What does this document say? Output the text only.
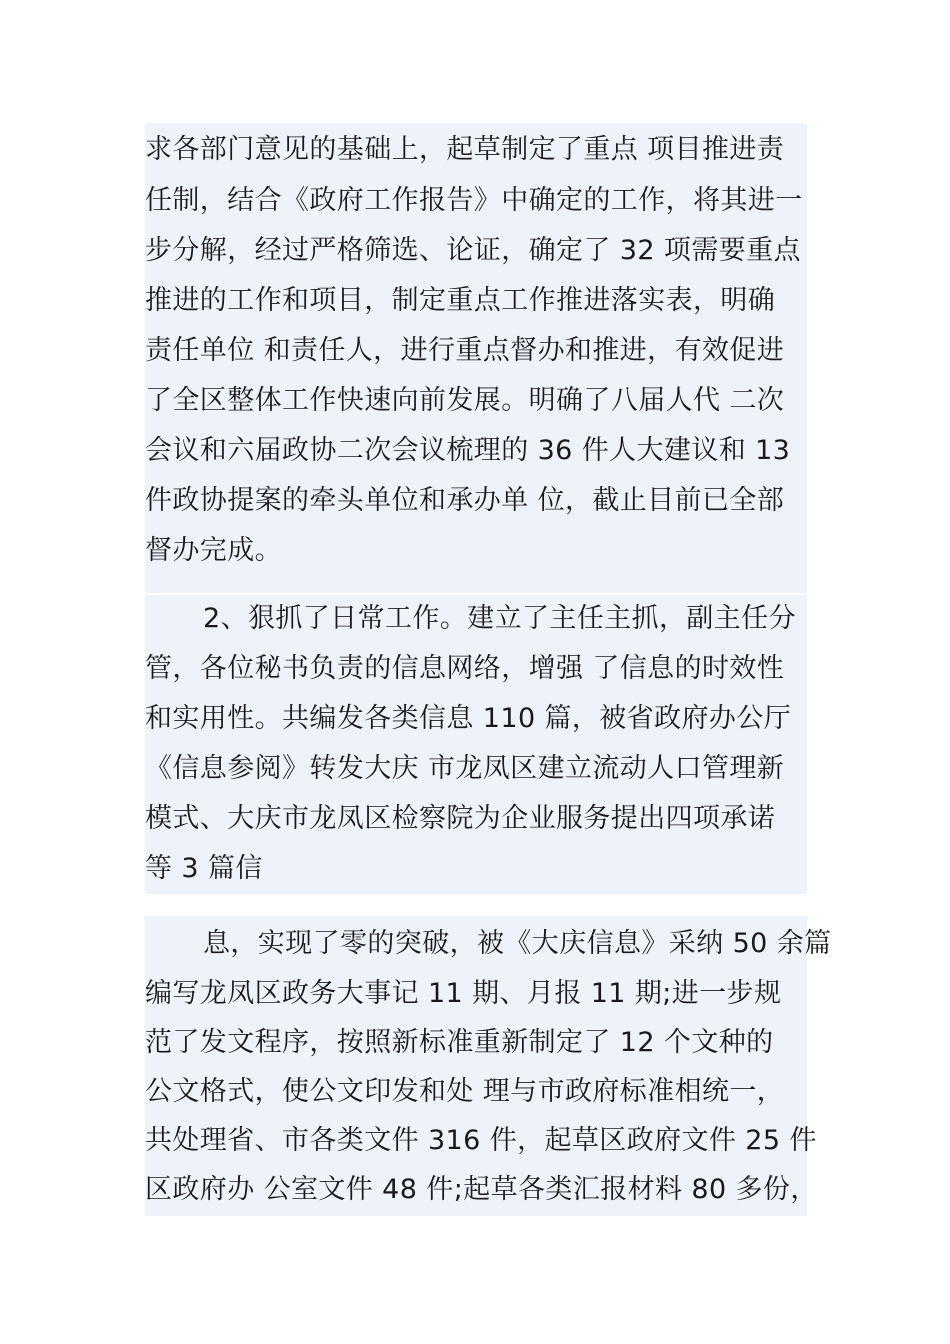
求各部门意见的基础上，起草制定了重点 项目推进责
任制，结合《政府工作报告》中确定的工作，将其进一
步分解，经过严格筛选、论证，确定了 32 项需要重点
推进的工作和项目，制定重点工作推进落实表，明确
责任单位 和责任人，进行重点督办和推进，有效促进
了全区整体工作快速向前发展。明确了八届人代 二次
会议和六届政协二次会议梳理的 36 件人大建议和 13
件政协提案的牵头单位和承办单 位，截止目前已全部
督办完成。
2、狠抓了日常工作。建立了主任主抓，副主任分
管，各位秘书负责的信息网络，增强 了信息的时效性
和实用性。共编发各类信息 110 篇，被省政府办公厅
《信息参阅》转发大庆 市龙凤区建立流动人口管理新
模式、大庆市龙凤区检察院为企业服务提出四项承诺
等 3 篇信
息，实现了零的突破，被《大庆信息》采纳 50 余篇
编写龙凤区政务大事记 11 期、月报 11 期;进一步规
范了发文程序，按照新标准重新制定了 12 个文种的
公文格式，使公文印发和处 理与市政府标准相统一，
共处理省、市各类文件 316 件，起草区政府文件 25 件
区政府办 公室文件 48 件;起草各类汇报材料 80 多份，
